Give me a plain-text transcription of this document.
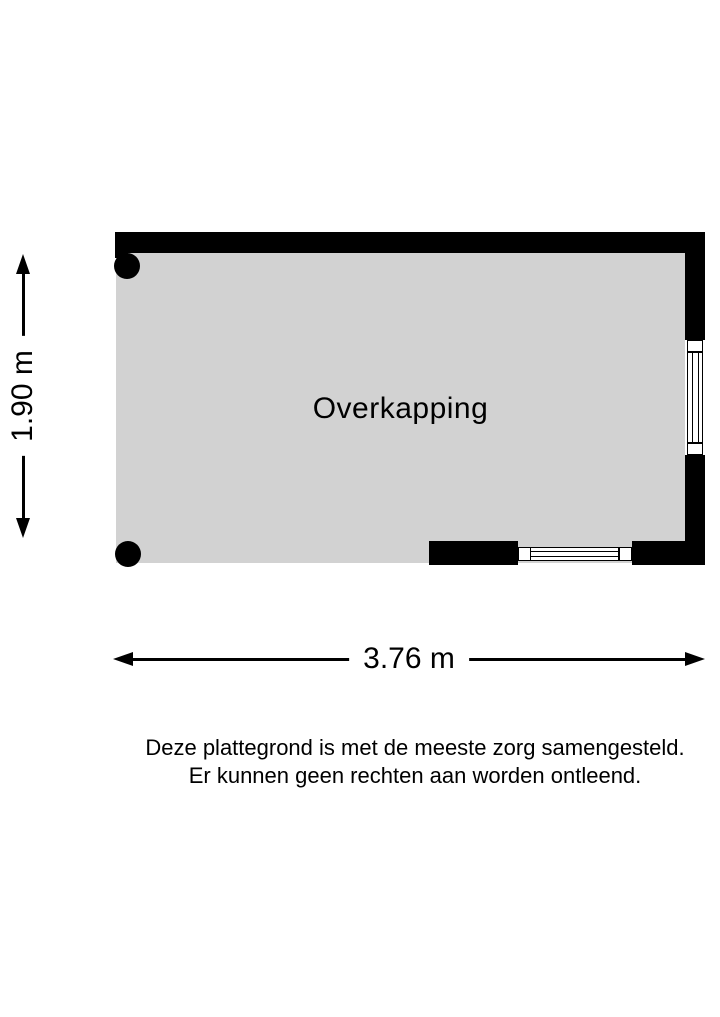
Overkapping
1.90 m
3.76 m
Deze plattegrond is met de meeste zorg samengesteld.
Er kunnen geen rechten aan worden ontleend.
